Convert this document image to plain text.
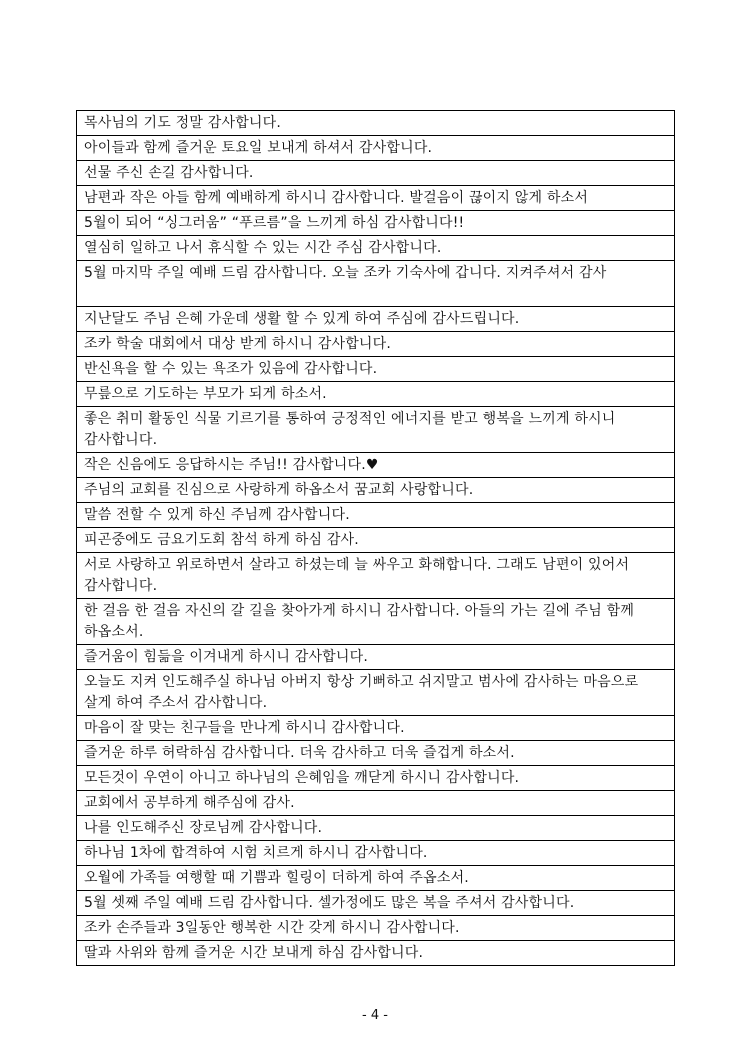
목사님의 기도 정말 감사합니다.
아이들과 함께 즐거운 토요일 보내게 하셔서 감사합니다.
선물 주신 손길 감사합니다.
남편과 작은 아들 함께 예배하게 하시니 감사합니다. 발걸음이 끊이지 않게 하소서
5월이 되어 “싱그러움” “푸르름”을 느끼게 하심 감사합니다!!
열심히 일하고 나서 휴식할 수 있는 시간 주심 감사합니다.
5월 마지막 주일 예배 드림 감사합니다. 오늘 조카 기숙사에 갑니다. 지켜주셔서 감사
지난달도 주님 은혜 가운데 생활 할 수 있게 하여 주심에 감사드립니다.
조카 학술 대회에서 대상 받게 하시니 감사합니다.
반신욕을 할 수 있는 욕조가 있음에 감사합니다.
무릎으로 기도하는 부모가 되게 하소서.
좋은 취미 활동인 식물 기르기를 통하여 긍정적인 에너지를 받고 행복을 느끼게 하시니 감사합니다.
작은 신음에도 응답하시는 주님!! 감사합니다.♥
주님의 교회를 진심으로 사랑하게 하옵소서 꿈교회 사랑합니다.
말씀 전할 수 있게 하신 주님께 감사합니다.
피곤중에도 금요기도회 참석 하게 하심 감사.
서로 사랑하고 위로하면서 살라고 하셨는데 늘 싸우고 화해합니다. 그래도 남편이 있어서 감사합니다.
한 걸음 한 걸음 자신의 갈 길을 찾아가게 하시니 감사합니다. 아들의 가는 길에 주님 함께 하옵소서.
즐거움이 힘듦을 이겨내게 하시니 감사합니다.
오늘도 지켜 인도해주실 하나님 아버지 항상 기뻐하고 쉬지말고 범사에 감사하는 마음으로 살게 하여 주소서 감사합니다.
마음이 잘 맞는 친구들을 만나게 하시니 감사합니다.
즐거운 하루 허락하심 감사합니다. 더욱 감사하고 더욱 즐겁게 하소서.
모든것이 우연이 아니고 하나님의 은혜임을 깨닫게 하시니 감사합니다.
교회에서 공부하게 해주심에 감사.
나를 인도해주신 장로님께 감사합니다.
하나님 1차에 합격하여 시험 치르게 하시니 감사합니다.
오월에 가족들 여행할 때 기쁨과 힐링이 더하게 하여 주옵소서.
5월 셋째 주일 예배 드림 감사합니다. 셀가정에도 많은 복을 주셔서 감사합니다.
조카 손주들과 3일동안 행복한 시간 갖게 하시니 감사합니다.
딸과 사위와 함께 즐거운 시간 보내게 하심 감사합니다.
- 4 -
